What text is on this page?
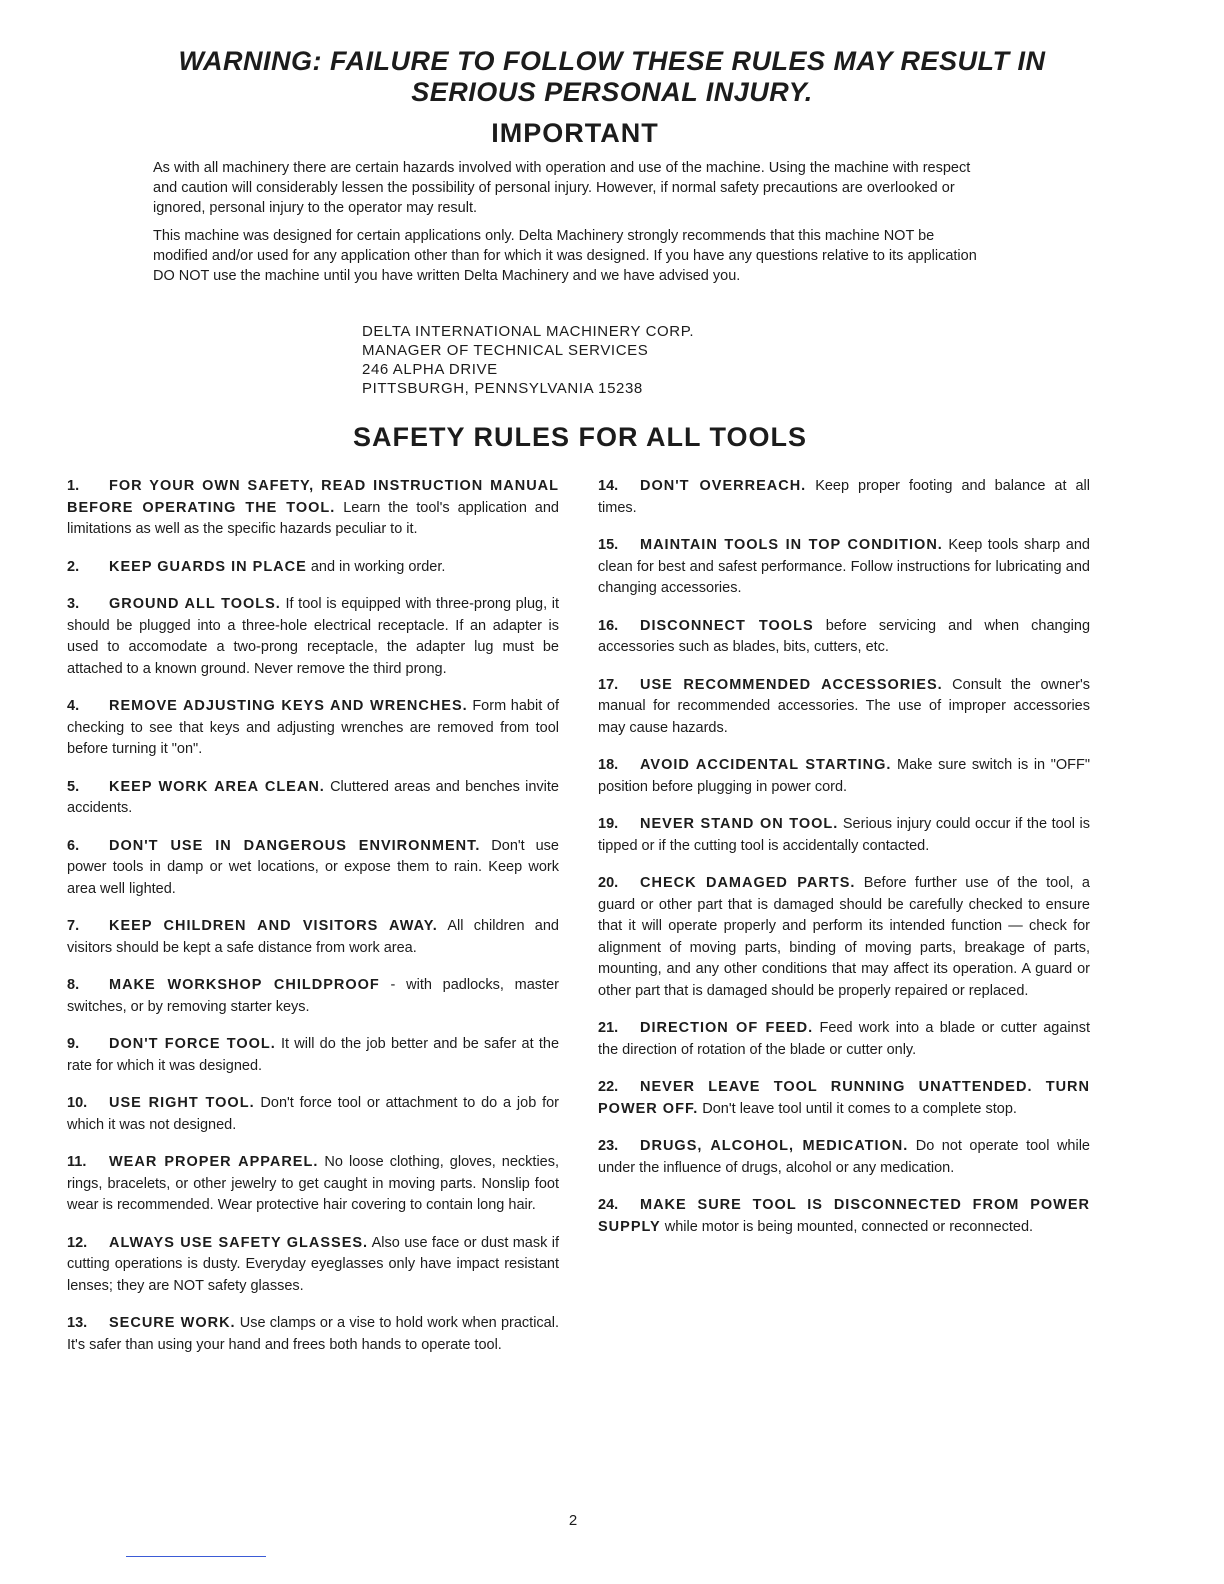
WARNING: FAILURE TO FOLLOW THESE RULES MAY RESULT IN
SERIOUS PERSONAL INJURY.
IMPORTANT

As with all machinery there are certain hazards involved with operation and use of the machine. Using the machine with respect and caution will considerably lessen the possibility of personal injury. However, if normal safety precautions are overlooked or ignored, personal injury to the operator may result.

This machine was designed for certain applications only. Delta Machinery strongly recommends that this machine NOT be modified and/or used for any application other than for which it was designed. If you have any questions relative to its application DO NOT use the machine until you have written Delta Machinery and we have advised you.

DELTA INTERNATIONAL MACHINERY CORP.
MANAGER OF TECHNICAL SERVICES
246 ALPHA DRIVE
PITTSBURGH, PENNSYLVANIA 15238
SAFETY RULES FOR ALL TOOLS
1. FOR YOUR OWN SAFETY, READ INSTRUCTION MANUAL BEFORE OPERATING THE TOOL. Learn the tool's application and limitations as well as the specific hazards peculiar to it.
2. KEEP GUARDS IN PLACE and in working order.
3. GROUND ALL TOOLS. If tool is equipped with three-prong plug, it should be plugged into a three-hole electrical receptacle. If an adapter is used to accomodate a two-prong receptacle, the adapter lug must be attached to a known ground. Never remove the third prong.
4. REMOVE ADJUSTING KEYS AND WRENCHES. Form habit of checking to see that keys and adjusting wrenches are removed from tool before turning it "on".
5. KEEP WORK AREA CLEAN. Cluttered areas and benches invite accidents.
6. DON'T USE IN DANGEROUS ENVIRONMENT. Don't use power tools in damp or wet locations, or expose them to rain. Keep work area well lighted.
7. KEEP CHILDREN AND VISITORS AWAY. All children and visitors should be kept a safe distance from work area.
8. MAKE WORKSHOP CHILDPROOF - with padlocks, master switches, or by removing starter keys.
9. DON'T FORCE TOOL. It will do the job better and be safer at the rate for which it was designed.
10. USE RIGHT TOOL. Don't force tool or attachment to do a job for which it was not designed.
11. WEAR PROPER APPAREL. No loose clothing, gloves, neckties, rings, bracelets, or other jewelry to get caught in moving parts. Nonslip foot wear is recommended. Wear protective hair covering to contain long hair.
12. ALWAYS USE SAFETY GLASSES. Also use face or dust mask if cutting operations is dusty. Everyday eyeglasses only have impact resistant lenses; they are NOT safety glasses.
13. SECURE WORK. Use clamps or a vise to hold work when practical. It's safer than using your hand and frees both hands to operate tool.
14. DON'T OVERREACH. Keep proper footing and balance at all times.
15. MAINTAIN TOOLS IN TOP CONDITION. Keep tools sharp and clean for best and safest performance. Follow instructions for lubricating and changing accessories.
16. DISCONNECT TOOLS before servicing and when changing accessories such as blades, bits, cutters, etc.
17. USE RECOMMENDED ACCESSORIES. Consult the owner's manual for recommended accessories. The use of improper accessories may cause hazards.
18. AVOID ACCIDENTAL STARTING. Make sure switch is in "OFF" position before plugging in power cord.
19. NEVER STAND ON TOOL. Serious injury could occur if the tool is tipped or if the cutting tool is accidentally contacted.
20. CHECK DAMAGED PARTS. Before further use of the tool, a guard or other part that is damaged should be carefully checked to ensure that it will operate properly and perform its intended function — check for alignment of moving parts, binding of moving parts, breakage of parts, mounting, and any other conditions that may affect its operation. A guard or other part that is damaged should be properly repaired or replaced.
21. DIRECTION OF FEED. Feed work into a blade or cutter against the direction of rotation of the blade or cutter only.
22. NEVER LEAVE TOOL RUNNING UNATTENDED. TURN POWER OFF. Don't leave tool until it comes to a complete stop.
23. DRUGS, ALCOHOL, MEDICATION. Do not operate tool while under the influence of drugs, alcohol or any medication.
24. MAKE SURE TOOL IS DISCONNECTED FROM POWER SUPPLY while motor is being mounted, connected or reconnected.
2
